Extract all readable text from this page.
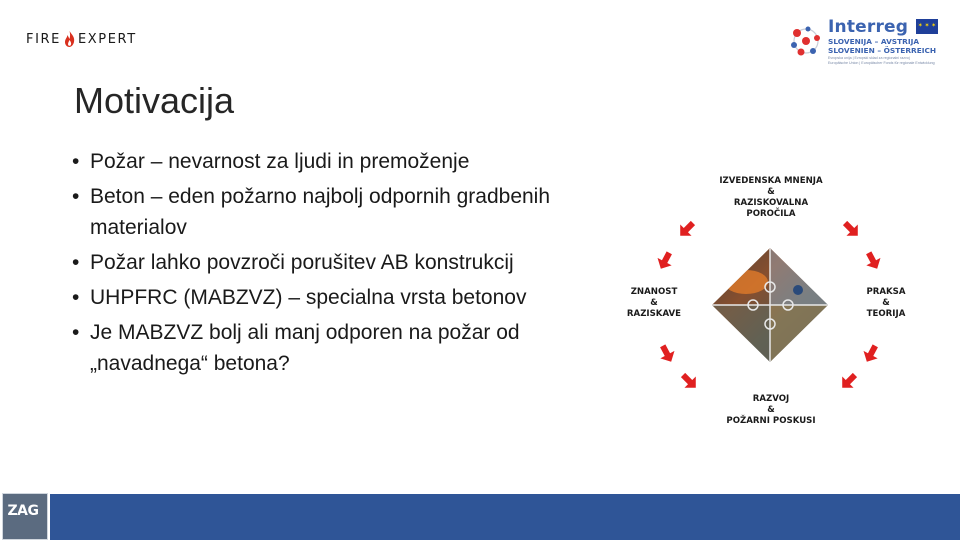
FIRE EXPERT
Interreg ✶ ✶ ✶
SLOVENIJA – AVSTRIJA
SLOVENIEN – ÖSTERREICH
Evropska unija | Evropski sklad za regionalni razvoj
Europäische Union | Europäischer Fonds für regionale Entwicklung
Motivacija
• Požar – nevarnost za ljudi in premoženje
• Beton – eden požarno najbolj odpornih gradbenih materialov
• Požar lahko povzroči porušitev AB konstrukcij
• UHPFRC (MABZVZ) – specialna vrsta betonov
• Je MABZVZ bolj ali manj odporen na požar od „navadnega“ betona?
IZVEDENSKA MNENJA
&
RAZISKOVALNA
POROČILA
PRAKSA
&
TEORIJA
RAZVOJ
&
POŽARNI POSKUSI
ZNANOST
&
RAZISKAVE
ZAG
